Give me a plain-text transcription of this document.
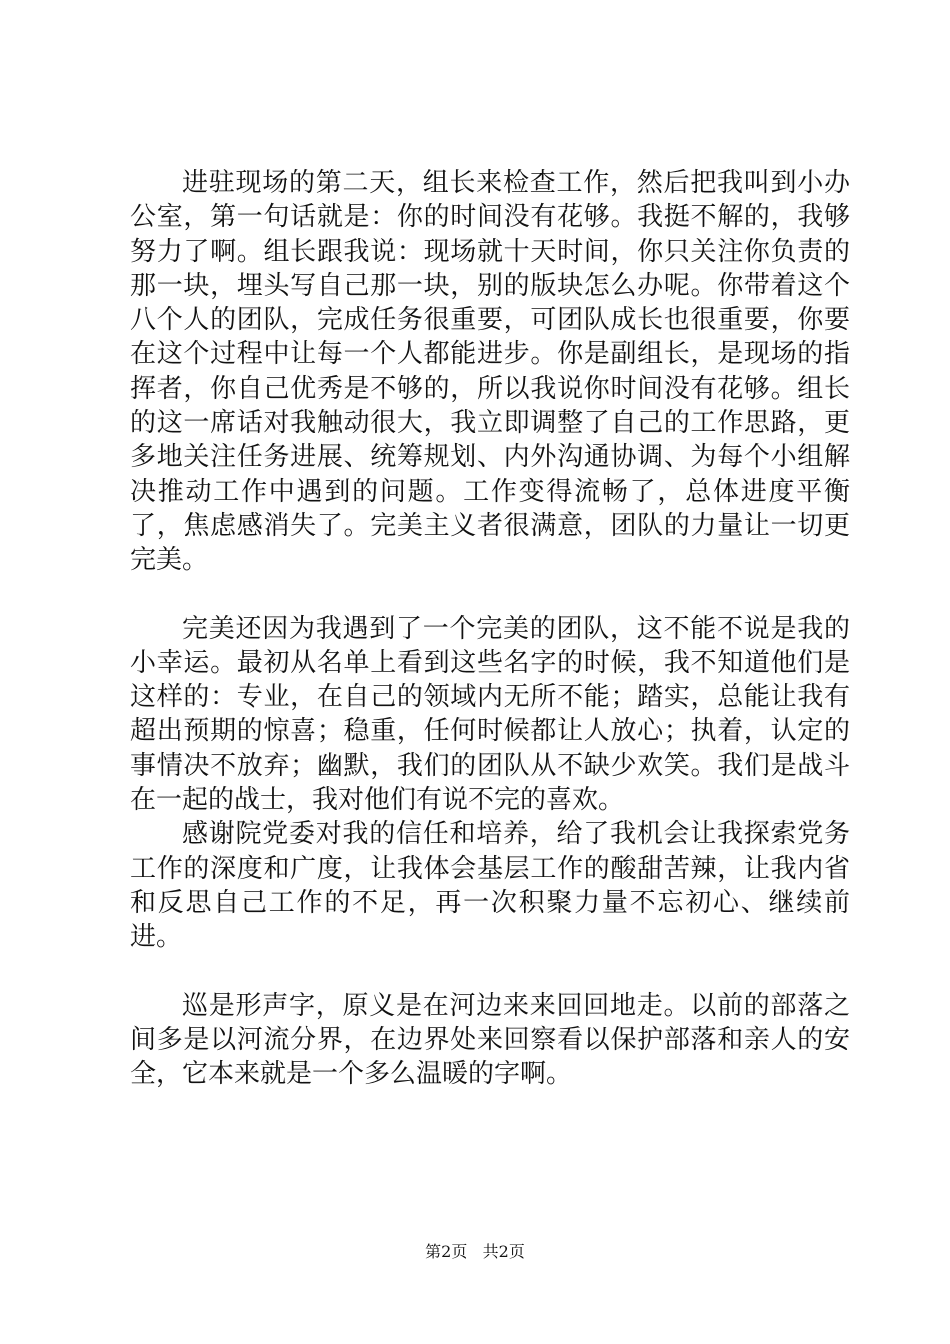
进驻现场的第二天，组长来检查工作，然后把我叫到小办公室，第一句话就是：你的时间没有花够。我挺不解的，我够努力了啊。组长跟我说：现场就十天时间，你只关注你负责的那一块，埋头写自己那一块，别的版块怎么办呢。你带着这个八个人的团队，完成任务很重要，可团队成长也很重要，你要在这个过程中让每一个人都能进步。你是副组长，是现场的指挥者，你自己优秀是不够的，所以我说你时间没有花够。组长的这一席话对我触动很大，我立即调整了自己的工作思路，更多地关注任务进展、统筹规划、内外沟通协调、为每个小组解决推动工作中遇到的问题。工作变得流畅了，总体进度平衡了，焦虑感消失了。完美主义者很满意，团队的力量让一切更完美。

完美还因为我遇到了一个完美的团队，这不能不说是我的小幸运。最初从名单上看到这些名字的时候，我不知道他们是这样的：专业，在自己的领域内无所不能；踏实，总能让我有超出预期的惊喜；稳重，任何时候都让人放心；执着，认定的事情决不放弃；幽默，我们的团队从不缺少欢笑。我们是战斗在一起的战士，我对他们有说不完的喜欢。

感谢院党委对我的信任和培养，给了我机会让我探索党务工作的深度和广度，让我体会基层工作的酸甜苦辣，让我内省和反思自己工作的不足，再一次积聚力量不忘初心、继续前进。

巡是形声字，原义是在河边来来回回地走。以前的部落之间多是以河流分界，在边界处来回察看以保护部落和亲人的安全，它本来就是一个多么温暖的字啊。

第2页 共2页
